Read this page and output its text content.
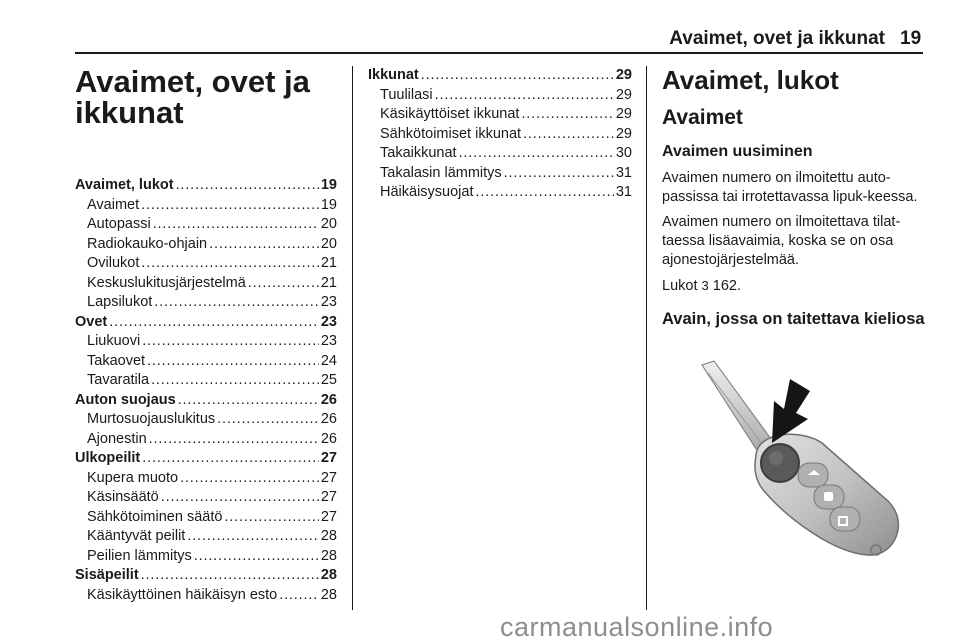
Avaimet, ovet ja ikkunat 19
Avaimet, ovet ja
ikkunat
Avaimet, lukot . . .	19
Avaimet . . .	19
Autopassi . . .	20
Radiokauko-ohjain . . .	20
Ovilukot . . .	21
Keskuslukitusjärjestelmä . . .	21
Lapsilukot . . .	23
Ovet . . .	23
Liukuovi . . .	23
Takaovet . . .	24
Tavaratila . . .	25
Auton suojaus . . .	26
Murtosuojauslukitus . . .	26
Ajonestin . . .	26
Ulkopeilit . . .	27
Kupera muoto . . .	27
Käsinsäätö . . .	27
Sähkötoiminen säätö . . .	27
Kääntyvät peilit . . .	28
Peilien lämmitys . . .	28
Sisäpeilit . . .	28
Käsikäyttöinen häikäisyn esto . . .	28
Ikkunat . . .	29
Tuulilasi . . .	29
Käsikäyttöiset ikkunat . . .	29
Sähkötoimiset ikkunat . . .	29
Takaikkunat . . .	30
Takalasin lämmitys . . .	31
Häikäisysuojat . . .	31
Avaimet, lukot
Avaimet
Avaimen uusiminen

Avaimen numero on ilmoitettu auto-passissa tai irrotettavassa lipuk-keessa.

Avaimen numero on ilmoitettava tilat-taessa lisäavaimia, koska se on osa ajonestojärjestelmää.

Lukot 3 162.

Avain, jossa on taitettava kieliosa
carmanualsonline.info
